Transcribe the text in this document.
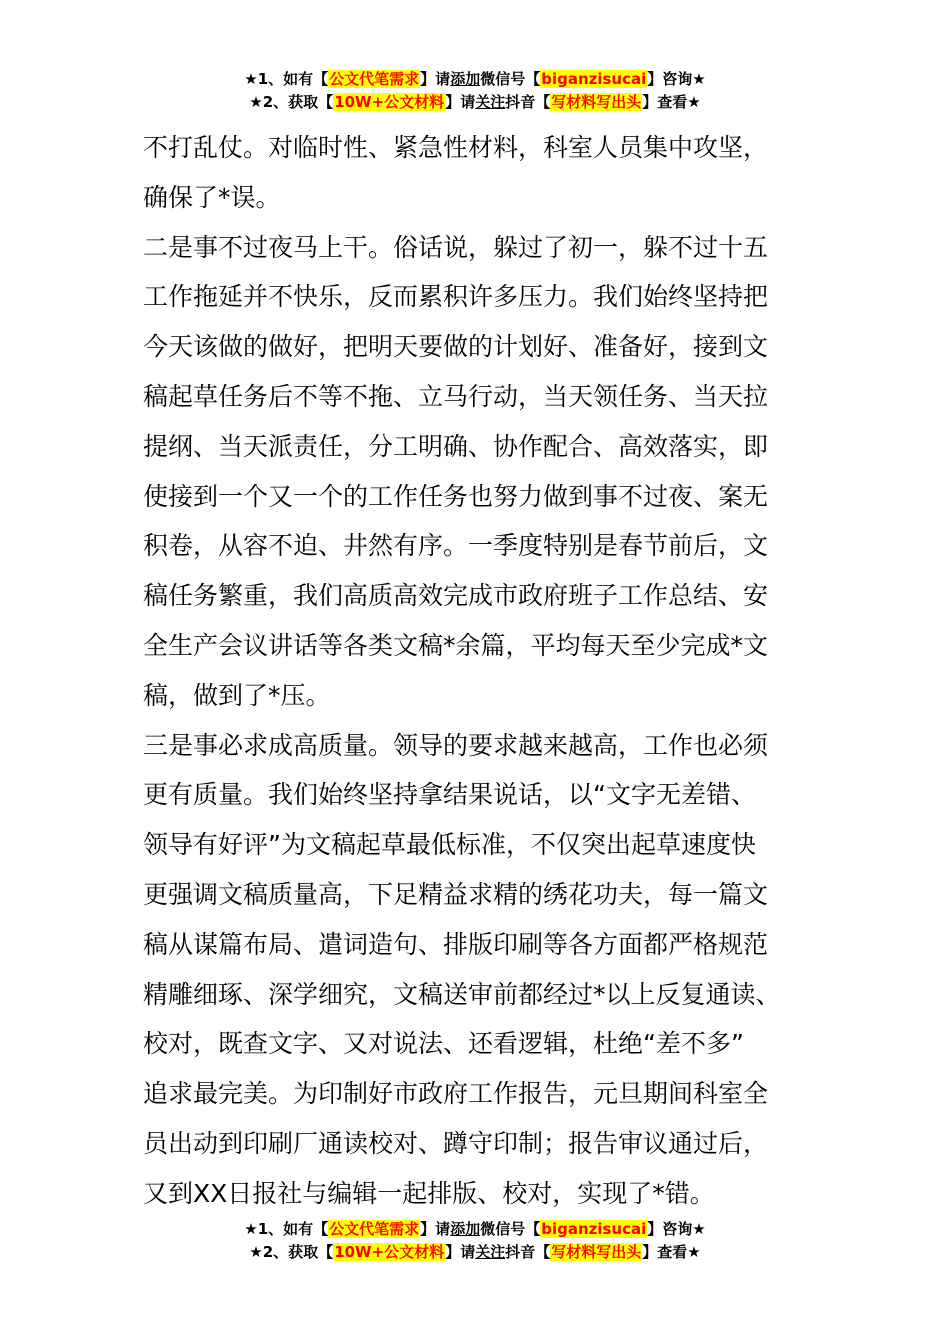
★1、如有【公文代笔需求】请添加微信号【biganzisucai】咨询★
★2、获取【10W+公文材料】请关注抖音【写材料写出头】查看★
不打乱仗。对临时性、紧急性材料，科室人员集中攻坚，
确保了*误。
二是事不过夜马上干。俗话说，躲过了初一，躲不过十五
工作拖延并不快乐，反而累积许多压力。我们始终坚持把
今天该做的做好，把明天要做的计划好、准备好，接到文
稿起草任务后不等不拖、立马行动，当天领任务、当天拉
提纲、当天派责任，分工明确、协作配合、高效落实，即
使接到一个又一个的工作任务也努力做到事不过夜、案无
积卷，从容不迫、井然有序。一季度特别是春节前后，文
稿任务繁重，我们高质高效完成市政府班子工作总结、安
全生产会议讲话等各类文稿*余篇，平均每天至少完成*文
稿，做到了*压。
三是事必求成高质量。领导的要求越来越高，工作也必须
更有质量。我们始终坚持拿结果说话，以“文字无差错、
领导有好评”为文稿起草最低标准，不仅突出起草速度快
更强调文稿质量高，下足精益求精的绣花功夫，每一篇文
稿从谋篇布局、遣词造句、排版印刷等各方面都严格规范
精雕细琢、深学细究，文稿送审前都经过*以上反复通读、
校对，既查文字、又对说法、还看逻辑，杜绝“差不多”
追求最完美。为印制好市政府工作报告，元旦期间科室全
员出动到印刷厂通读校对、蹲守印制；报告审议通过后，
又到XX日报社与编辑一起排版、校对，实现了*错。
★1、如有【公文代笔需求】请添加微信号【biganzisucai】咨询★
★2、获取【10W+公文材料】请关注抖音【写材料写出头】查看★
